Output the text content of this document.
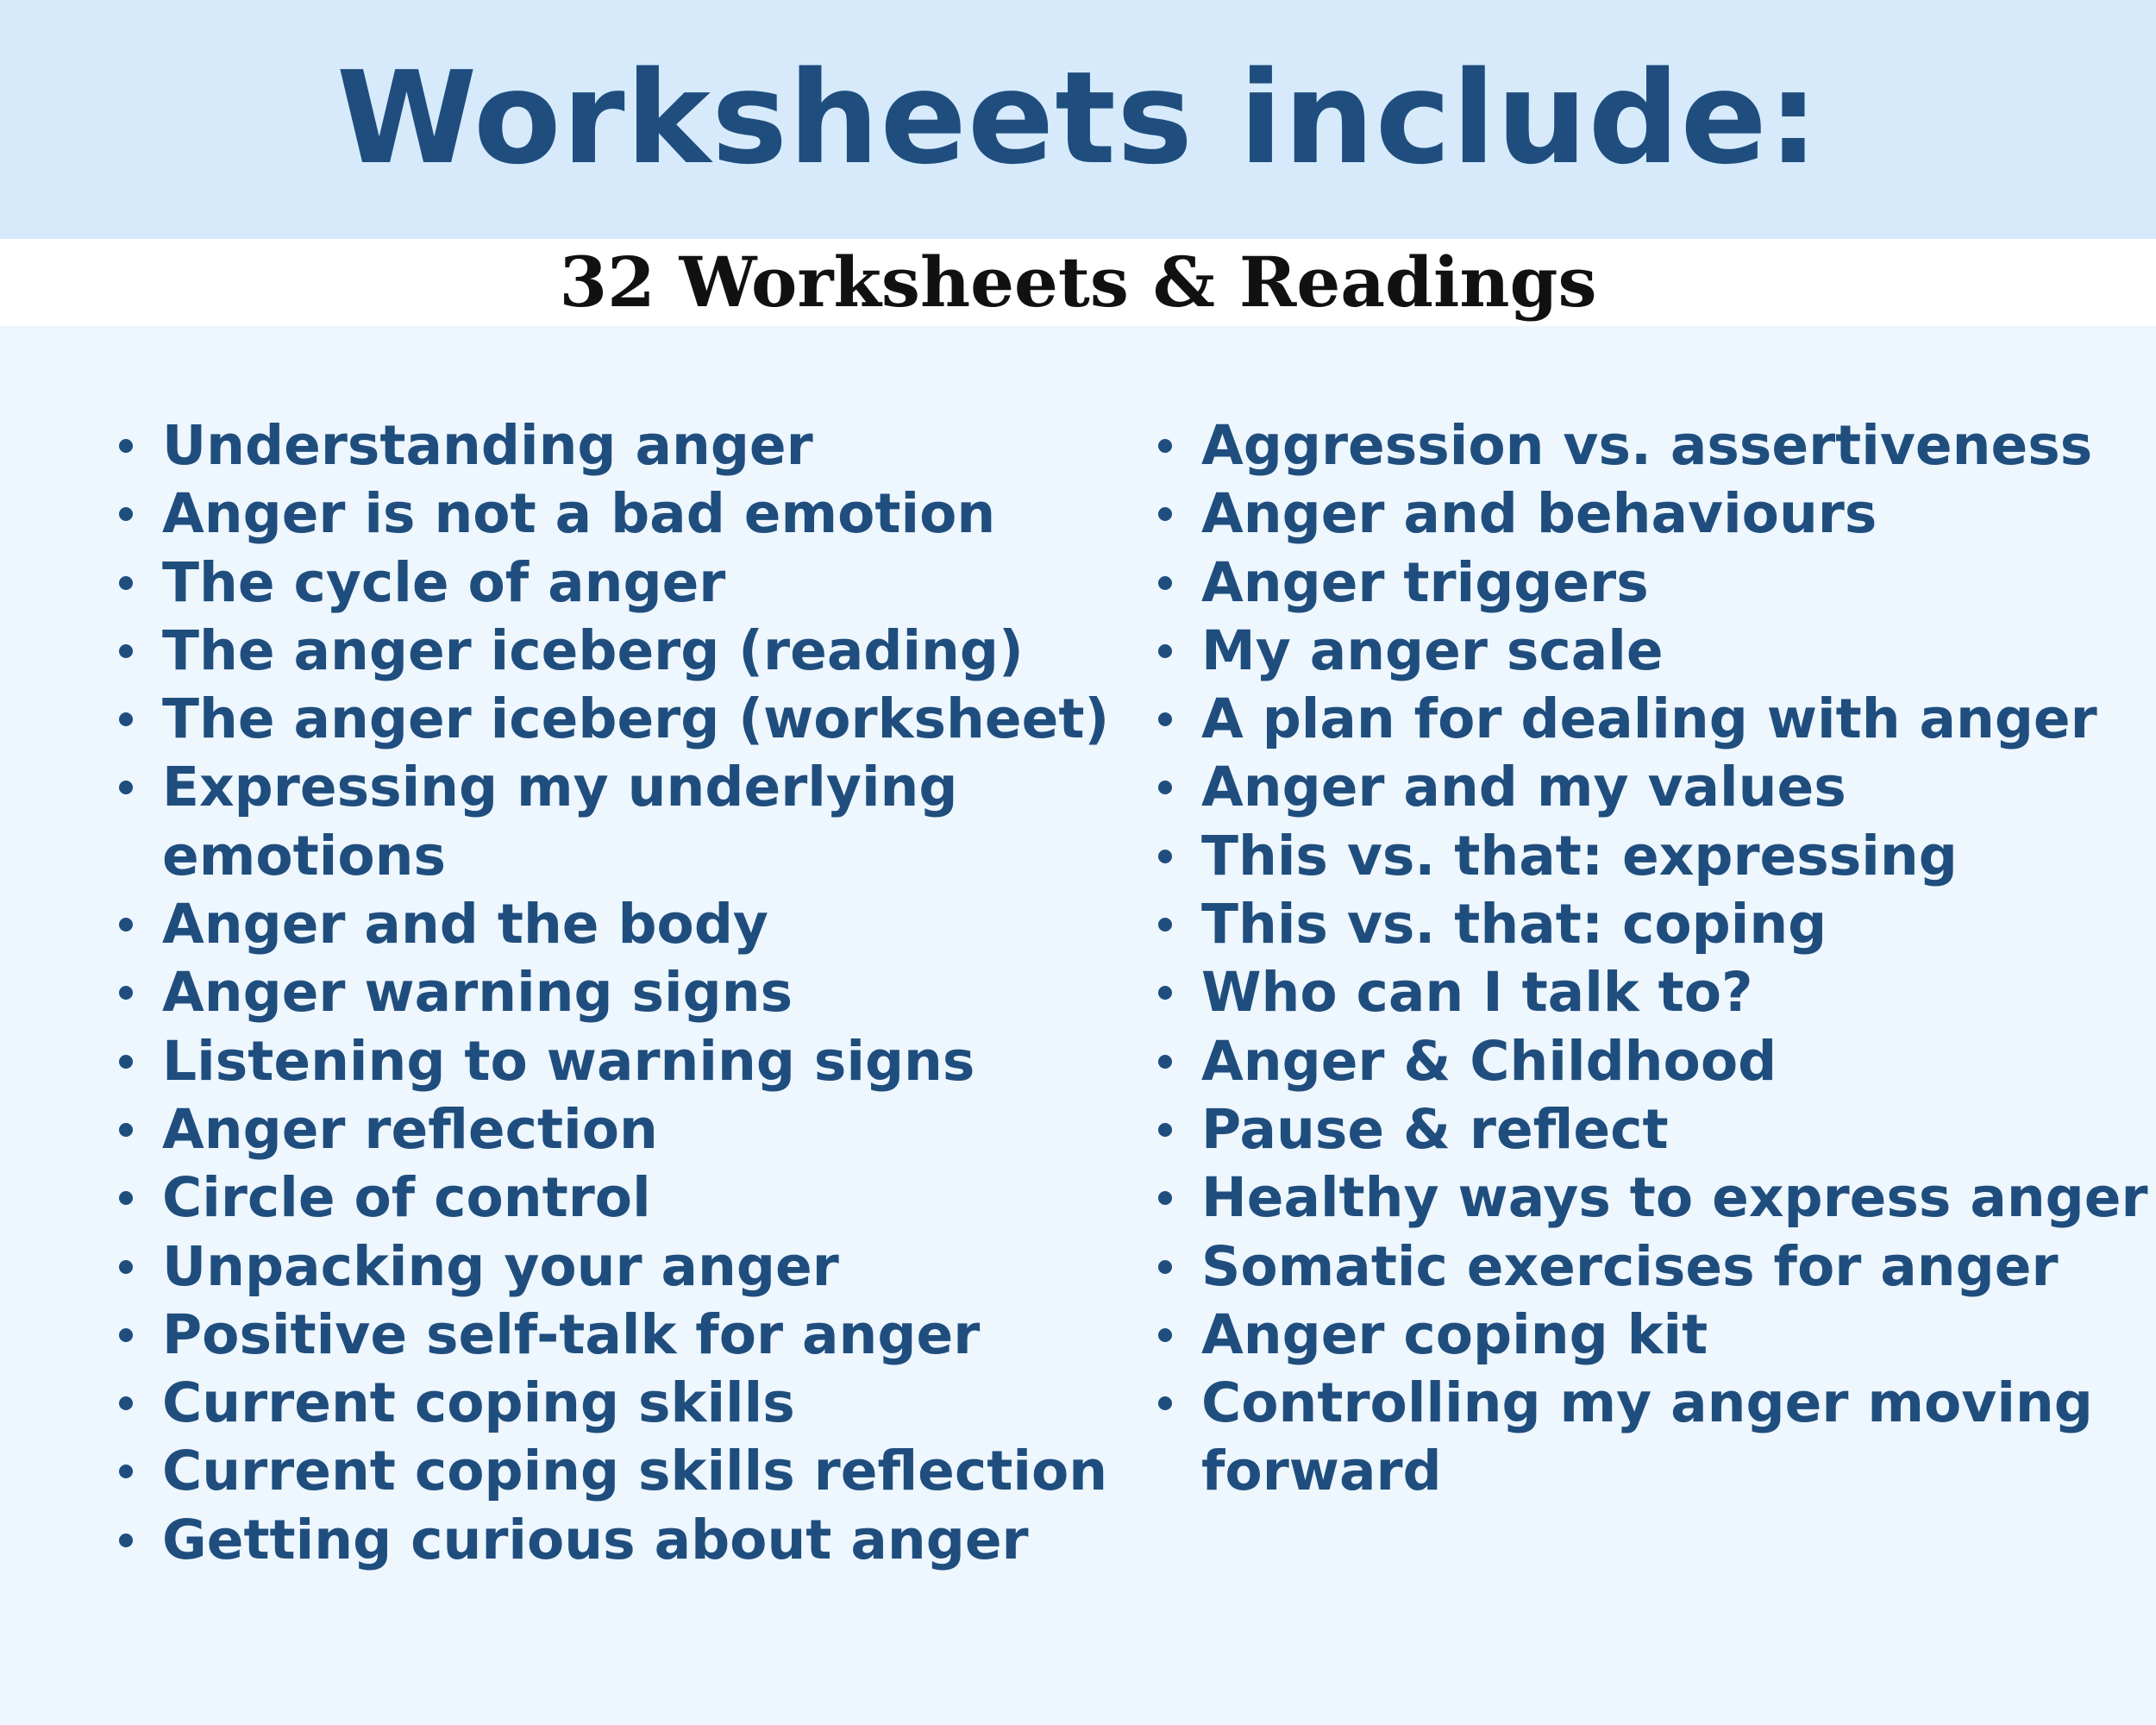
Worksheets include:
32 Worksheets & Readings
Understanding anger
Anger is not a bad emotion
The cycle of anger
The anger iceberg (reading)
The anger iceberg (worksheet)
Expressing my underlying emotions
Anger and the body
Anger warning signs
Listening to warning signs
Anger reflection
Circle of control
Unpacking your anger
Positive self-talk for anger
Current coping skills
Current coping skills reflection
Getting curious about anger
Aggression vs. assertiveness
Anger and behaviours
Anger triggers
My anger scale
A plan for dealing with anger
Anger and my values
This vs. that: expressing
This vs. that: coping
Who can I talk to?
Anger & Childhood
Pause & reflect
Healthy ways to express anger
Somatic exercises for anger
Anger coping kit
Controlling my anger moving forward
